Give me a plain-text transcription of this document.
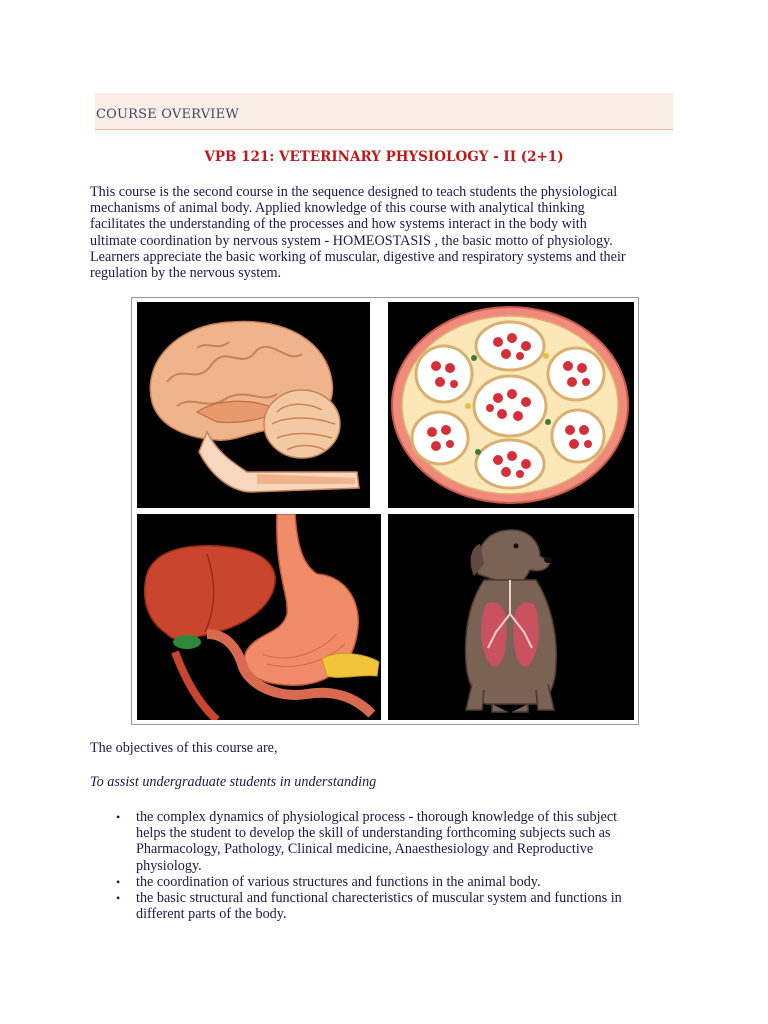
COURSE OVERVIEW
VPB 121: VETERINARY PHYSIOLOGY - II (2+1)

This course is the second course in the sequence designed to teach students the physiological

mechanisms of animal body. Applied knowledge of this course with analytical thinking

facilitates the understanding of the processes and how systems interact in the body with

ultimate coordination by nervous system - HOMEOSTASIS , the basic motto of physiology.

Learners appreciate the basic working of muscular, digestive and respiratory systems and their

regulation by the nervous system.

The objectives of this course are,
To assist undergraduate students in understanding
• the complex dynamics of physiological process - thorough knowledge of this subject
helps the student to develop the skill of understanding forthcoming subjects such as
Pharmacology, Pathology, Clinical medicine, Anaesthesiology and Reproductive
physiology.
• the coordination of various structures and functions in the animal body.
• the basic structural and functional charecteristics of muscular system and functions in
different parts of the body.
